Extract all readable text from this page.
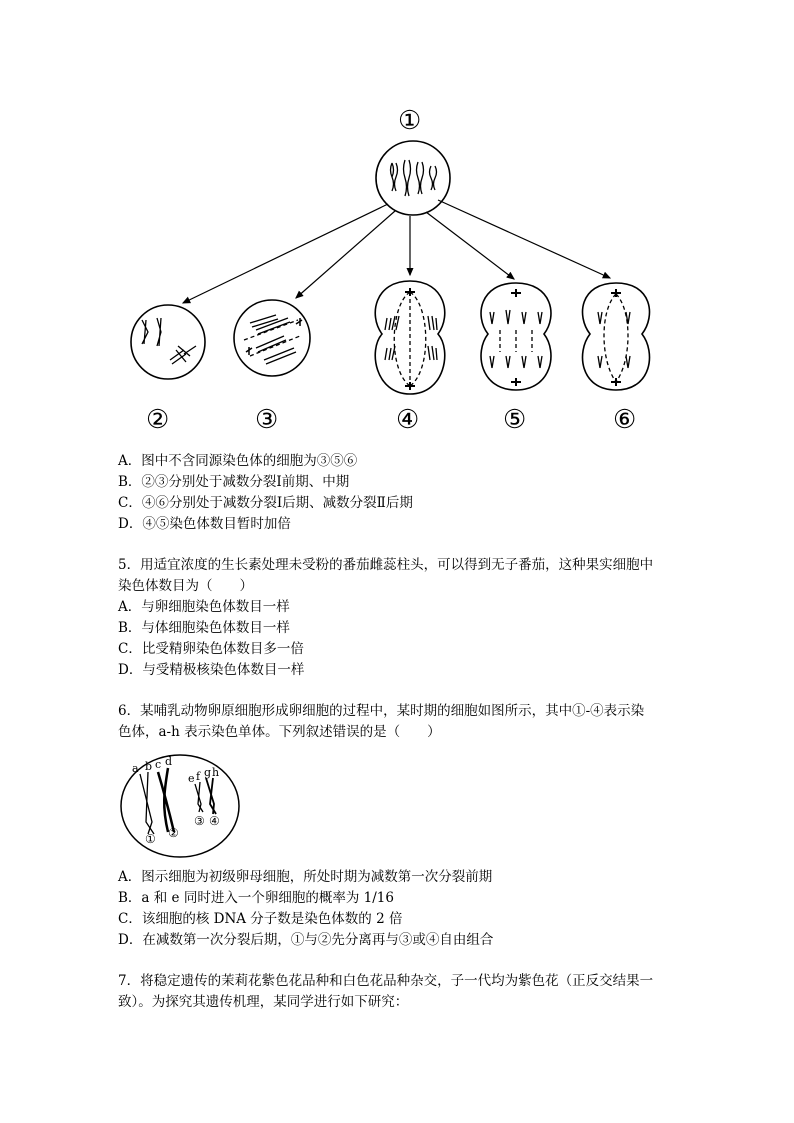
①
②	③	④	⑤	⑥
A．图中不含同源染色体的细胞为③⑤⑥
B．②③分别处于减数分裂Ⅰ前期、中期
C．④⑥分别处于减数分裂Ⅰ后期、减数分裂Ⅱ后期
D．④⑤染色体数目暂时加倍
5．用适宜浓度的生长素处理未受粉的番茄雌蕊柱头，可以得到无子番茄，这种果实细胞中
染色体数目为（　　）
A．与卵细胞染色体数目一样
B．与体细胞染色体数目一样
C．比受精卵染色体数目多一倍
D．与受精极核染色体数目一样
6．某哺乳动物卵原细胞形成卵细胞的过程中，某时期的细胞如图所示，其中①-④表示染
色体，a-h 表示染色单体。下列叙述错误的是（　　）
a b c d
e f g h
① ②
③ ④
A．图示细胞为初级卵母细胞，所处时期为减数第一次分裂前期
B．a 和 e 同时进入一个卵细胞的概率为 1/16
C．该细胞的核 DNA 分子数是染色体数的 2 倍
D．在减数第一次分裂后期，①与②先分离再与③或④自由组合
7．将稳定遗传的茉莉花紫色花品种和白色花品种杂交，子一代均为紫色花（正反交结果一
致）。为探究其遗传机理，某同学进行如下研究：
